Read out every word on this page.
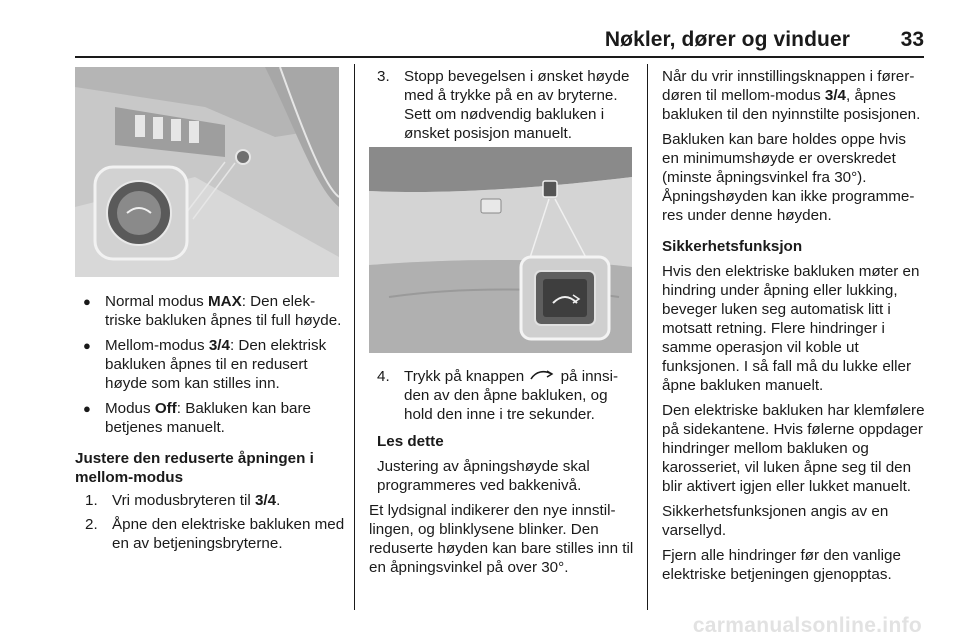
Nøkler, dører og vinduer 33
● Normal modus MAX: Den elektriske bakluken åpnes til full høyde.
● Mellom-modus 3/4: Den elektrisk bakluken åpnes til en redusert høyde som kan stilles inn.
● Modus Off: Bakluken kan bare betjenes manuelt.

Justere den reduserte åpningen i mellom-modus

1. Vri modusbryteren til 3/4.
2. Åpne den elektriske bakluken med en av betjeningsbryterne.
3. Stopp bevegelsen i ønsket høyde med å trykke på en av bryterne. Sett om nødvendig bakluken i ønsket posisjon manuelt.
4. Trykk på knappen  på innsiden av den åpne bakluken, og hold den inne i tre sekunder.

Les dette

Justering av åpningshøyde skal programmeres ved bakkenivå.

Et lydsignal indikerer den nye innstillingen, og blinklysene blinker. Den reduserte høyden kan bare stilles inn til en åpningsvinkel på over 30°.

Når du vrir innstillingsknappen i førerdøren til mellom-modus 3/4, åpnes bakluken til den nyinnstilte posisjonen.

Bakluken kan bare holdes oppe hvis en minimumshøyde er overskredet (minste åpningsvinkel fra 30°). Åpningshøyden kan ikke programmeres under denne høyden.

Sikkerhetsfunksjon

Hvis den elektriske bakluken møter en hindring under åpning eller lukking, beveger luken seg automatisk litt i motsatt retning. Flere hindringer i samme operasjon vil koble ut funksjonen. I så fall må du lukke eller åpne bakluken manuelt.

Den elektriske bakluken har klemfølere på sidekantene. Hvis følerne oppdager hindringer mellom bakluken og karosseriet, vil luken åpne seg til den blir aktivert igjen eller lukket manuelt.

Sikkerhetsfunksjonen angis av en varsellyd.

Fjern alle hindringer før den vanlige elektriske betjeningen gjenopptas.

carmanualsonline.info
